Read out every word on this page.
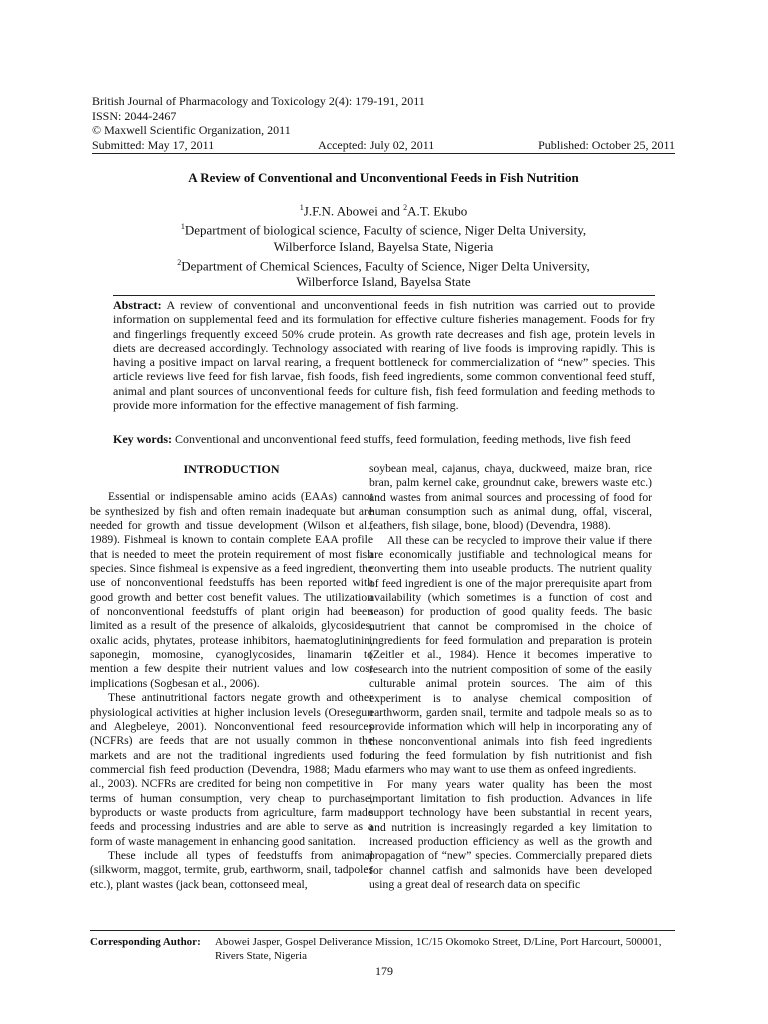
British Journal of Pharmacology and Toxicology 2(4): 179-191, 2011
ISSN: 2044-2467
© Maxwell Scientific Organization, 2011
Submitted: May 17, 2011	Accepted: July 02, 2011	Published: October 25, 2011
A Review of Conventional and Unconventional Feeds in Fish Nutrition
$^1$J.F.N. Abowei and $^2$A.T. Ekubo
$^1$Department of biological science, Faculty of science, Niger Delta University,
Wilberforce Island, Bayelsa State, Nigeria
$^2$Department of Chemical Sciences, Faculty of Science, Niger Delta University,
Wilberforce Island, Bayelsa State
Abstract: A review of conventional and unconventional feeds in fish nutrition was carried out to provide information on supplemental feed and its formulation for effective culture fisheries management. Foods for fry and fingerlings frequently exceed 50% crude protein. As growth rate decreases and fish age, protein levels in diets are decreased accordingly. Technology associated with rearing of live foods is improving rapidly. This is having a positive impact on larval rearing, a frequent bottleneck for commercialization of “new” species. This article reviews live feed for fish larvae, fish foods, fish feed ingredients, some common conventional feed stuff, animal and plant sources of unconventional feeds for culture fish, fish feed formulation and feeding methods to provide more information for the effective management of fish farming.
Key words: Conventional and unconventional feed stuffs, feed formulation, feeding methods, live fish feed
INTRODUCTION

Essential or indispensable amino acids (EAAs) cannot be synthesized by fish and often remain inadequate but are needed for growth and tissue development (Wilson et al., 1989). Fishmeal is known to contain complete EAA profile that is needed to meet the protein requirement of most fish species. Since fishmeal is expensive as a feed ingredient, the use of nonconventional feedstuffs has been reported with good growth and better cost benefit values. The utilization of nonconventional feedstuffs of plant origin had been limited as a result of the presence of alkaloids, glycosides, oxalic acids, phytates, protease inhibitors, haematoglutinin, saponegin, momosine, cyanoglycosides, linamarin to mention a few despite their nutrient values and low cost implications (Sogbesan et al., 2006).

These antinutritional factors negate growth and other physiological activities at higher inclusion levels (Oresegun and Alegbeleye, 2001). Nonconventional feed resources (NCFRs) are feeds that are not usually common in the markets and are not the traditional ingredients used for commercial fish feed production (Devendra, 1988; Madu et al., 2003). NCFRs are credited for being non competitive in terms of human consumption, very cheap to purchase, byproducts or waste products from agriculture, farm made feeds and processing industries and are able to serve as a form of waste management in enhancing good sanitation.

These include all types of feedstuffs from animal (silkworm, maggot, termite, grub, earthworm, snail, tadpoles etc.), plant wastes (jack bean, cottonseed meal,

soybean meal, cajanus, chaya, duckweed, maize bran, rice bran, palm kernel cake, groundnut cake, brewers waste etc.) and wastes from animal sources and processing of food for human consumption such as animal dung, offal, visceral, feathers, fish silage, bone, blood) (Devendra, 1988).

All these can be recycled to improve their value if there are economically justifiable and technological means for converting them into useable products. The nutrient quality of feed ingredient is one of the major prerequisite apart from availability (which sometimes is a function of cost and season) for production of good quality feeds. The basic nutrient that cannot be compromised in the choice of ingredients for feed formulation and preparation is protein (Zeitler et al., 1984). Hence it becomes imperative to research into the nutrient composition of some of the easily culturable animal protein sources. The aim of this experiment is to analyse chemical composition of earthworm, garden snail, termite and tadpole meals so as to provide information which will help in incorporating any of these nonconventional animals into fish feed ingredients during the feed formulation by fish nutritionist and fish farmers who may want to use them as onfeed ingredients.

For many years water quality has been the most important limitation to fish production. Advances in life support technology have been substantial in recent years, and nutrition is increasingly regarded a key limitation to increased production efficiency as well as the growth and propagation of “new” species. Commercially prepared diets for channel catfish and salmonids have been developed using a great deal of research data on specific

Corresponding Author:	Abowei Jasper, Gospel Deliverance Mission, 1C/15 Okomoko Street, D/Line, Port Harcourt, 500001, Rivers State, Nigeria
179
